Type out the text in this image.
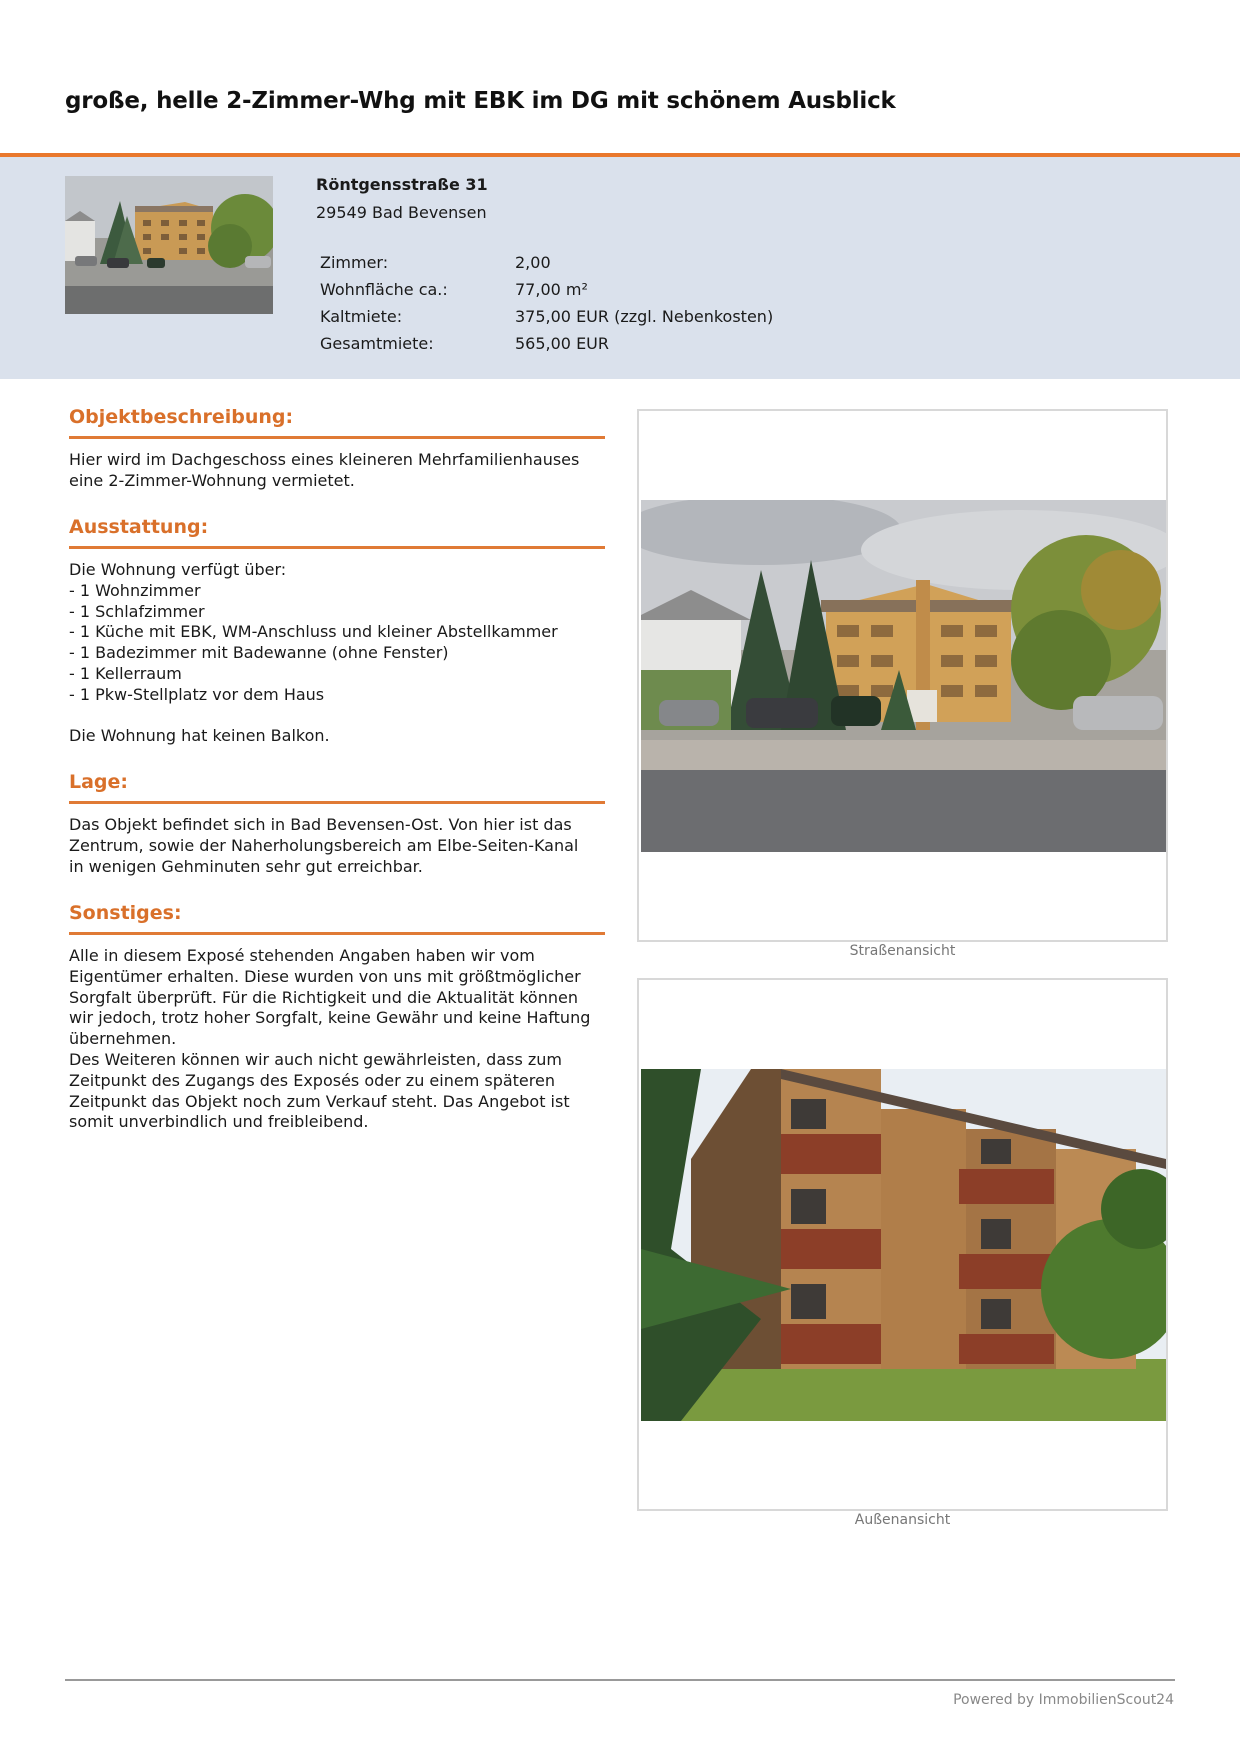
große, helle 2-Zimmer-Whg mit EBK im DG mit schönem Ausblick
Röntgensstraße 31
29549 Bad Bevensen
Zimmer:	2,00
Wohnfläche ca.:	77,00 m²
Kaltmiete:	375,00 EUR (zzgl. Nebenkosten)
Gesamtmiete:	565,00 EUR
Objektbeschreibung:
Hier wird im Dachgeschoss eines kleineren Mehrfamilienhauses
eine 2-Zimmer-Wohnung vermietet.
Ausstattung:
Die Wohnung verfügt über:
- 1 Wohnzimmer
- 1 Schlafzimmer
- 1 Küche mit EBK, WM-Anschluss und kleiner Abstellkammer
- 1 Badezimmer mit Badewanne (ohne Fenster)
- 1 Kellerraum
- 1 Pkw-Stellplatz vor dem Haus

Die Wohnung hat keinen Balkon.
Lage:
Das Objekt befindet sich in Bad Bevensen-Ost. Von hier ist das
Zentrum, sowie der Naherholungsbereich am Elbe-Seiten-Kanal
in wenigen Gehminuten sehr gut erreichbar.
Sonstiges:
Alle in diesem Exposé stehenden Angaben haben wir vom
Eigentümer erhalten. Diese wurden von uns mit größtmöglicher
Sorgfalt überprüft. Für die Richtigkeit und die Aktualität können
wir jedoch, trotz hoher Sorgfalt, keine Gewähr und keine Haftung
übernehmen.
Des Weiteren können wir auch nicht gewährleisten, dass zum
Zeitpunkt des Zugangs des Exposés oder zu einem späteren
Zeitpunkt das Objekt noch zum Verkauf steht. Das Angebot ist
somit unverbindlich und freibleibend.
Straßenansicht
Außenansicht
Powered by ImmobilienScout24
